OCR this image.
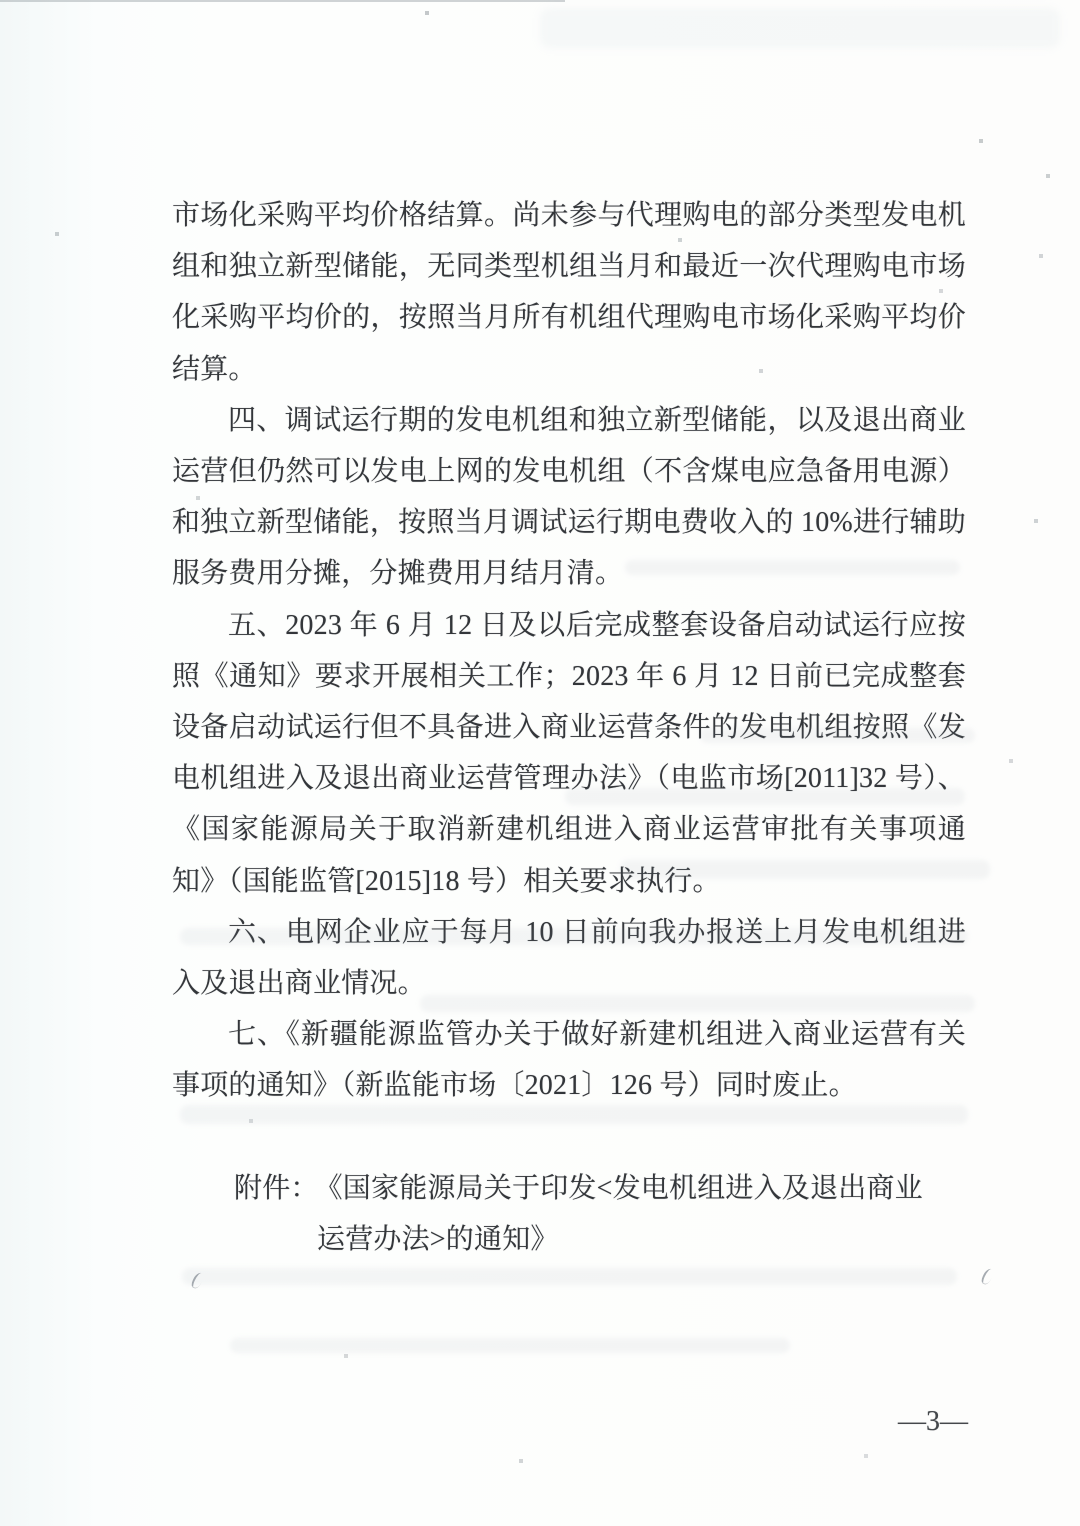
市场化采购平均价格结算。尚未参与代理购电的部分类型发电机
组和独立新型储能，无同类型机组当月和最近一次代理购电市场
化采购平均价的，按照当月所有机组代理购电市场化采购平均价
结算。
四、调试运行期的发电机组和独立新型储能，以及退出商业
运营但仍然可以发电上网的发电机组（不含煤电应急备用电源）
和独立新型储能，按照当月调试运行期电费收入的 10%进行辅助
服务费用分摊，分摊费用月结月清。
五、2023 年 6 月 12 日及以后完成整套设备启动试运行应按
照《通知》要求开展相关工作；2023 年 6 月 12 日前已完成整套
设备启动试运行但不具备进入商业运营条件的发电机组按照《发
电机组进入及退出商业运营管理办法》（电监市场[2011]32 号）、
《国家能源局关于取消新建机组进入商业运营审批有关事项通
知》（国能监管[2015]18 号）相关要求执行。
六、电网企业应于每月 10 日前向我办报送上月发电机组进
入及退出商业情况。
七、《新疆能源监管办关于做好新建机组进入商业运营有关
事项的通知》（新监能市场〔2021〕126 号）同时废止。
附件： 《国家能源局关于印发<发电机组进入及退出商业
运营办法>的通知》
—3—
